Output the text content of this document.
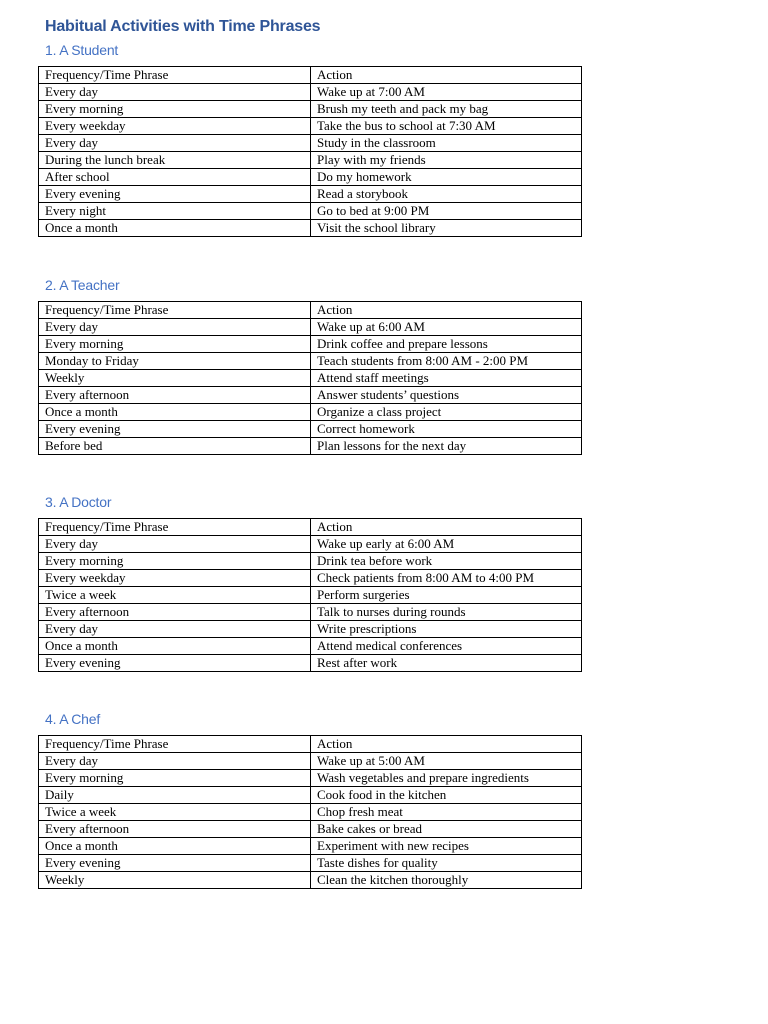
Habitual Activities with Time Phrases
1. A Student
Frequency/Time Phrase	Action
Every day	Wake up at 7:00 AM
Every morning	Brush my teeth and pack my bag
Every weekday	Take the bus to school at 7:30 AM
Every day	Study in the classroom
During the lunch break	Play with my friends
After school	Do my homework
Every evening	Read a storybook
Every night	Go to bed at 9:00 PM
Once a month	Visit the school library
2. A Teacher
Frequency/Time Phrase	Action
Every day	Wake up at 6:00 AM
Every morning	Drink coffee and prepare lessons
Monday to Friday	Teach students from 8:00 AM - 2:00 PM
Weekly	Attend staff meetings
Every afternoon	Answer students’ questions
Once a month	Organize a class project
Every evening	Correct homework
Before bed	Plan lessons for the next day
3. A Doctor
Frequency/Time Phrase	Action
Every day	Wake up early at 6:00 AM
Every morning	Drink tea before work
Every weekday	Check patients from 8:00 AM to 4:00 PM
Twice a week	Perform surgeries
Every afternoon	Talk to nurses during rounds
Every day	Write prescriptions
Once a month	Attend medical conferences
Every evening	Rest after work
4. A Chef
Frequency/Time Phrase	Action
Every day	Wake up at 5:00 AM
Every morning	Wash vegetables and prepare ingredients
Daily	Cook food in the kitchen
Twice a week	Chop fresh meat
Every afternoon	Bake cakes or bread
Once a month	Experiment with new recipes
Every evening	Taste dishes for quality
Weekly	Clean the kitchen thoroughly
